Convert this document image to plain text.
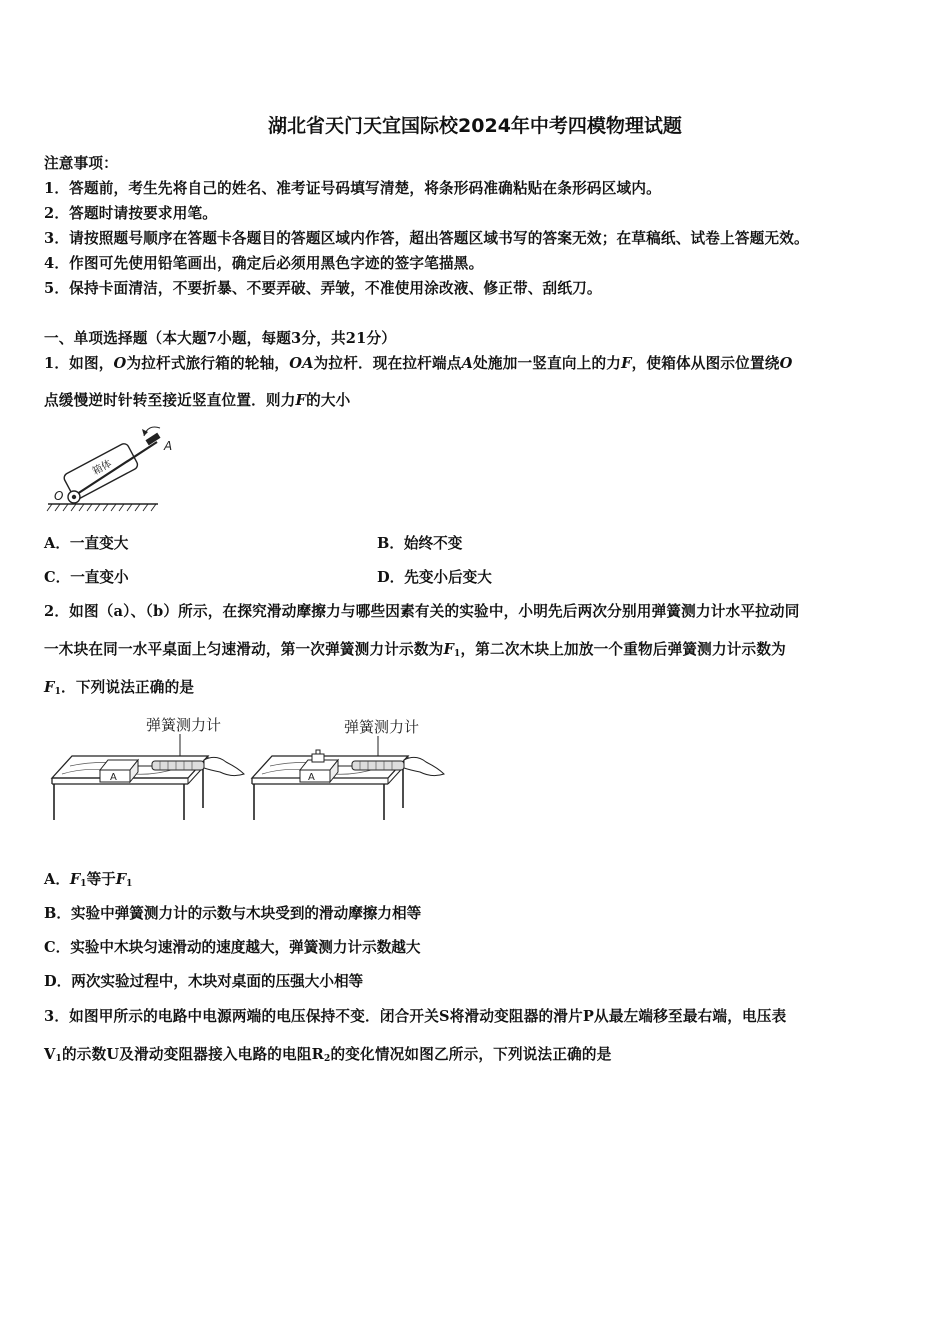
湖北省天门天宜国际校2024年中考四模物理试题
注意事项：
1．答题前，考生先将自己的姓名、准考证号码填写清楚，将条形码准确粘贴在条形码区域内。
2．答题时请按要求用笔。
3．请按照题号顺序在答题卡各题目的答题区域内作答，超出答题区域书写的答案无效；在草稿纸、试卷上答题无效。
4．作图可先使用铅笔画出，确定后必须用黑色字迹的签字笔描黑。
5．保持卡面清洁，不要折暴、不要弄破、弄皱，不准使用涂改液、修正带、刮纸刀。
一、单项选择题（本大题7小题，每题3分，共21分）
1．如图，O为拉杆式旅行箱的轮轴，OA为拉杆．现在拉杆端点A处施加一竖直向上的力F，使箱体从图示位置绕O
点缓慢逆时针转至接近竖直位置．则力F的大小
箱体
O
A
A．一直变大	B．始终不变
C．一直变小	D．先变小后变大
2．如图（a）、（b）所示，在探究滑动摩擦力与哪些因素有关的实验中，小明先后两次分别用弹簧测力计水平拉动同
一木块在同一水平桌面上匀速滑动，第一次弹簧测力计示数为$F_1$，第二次木块上加放一个重物后弹簧测力计示数为
$F_1$．下列说法正确的是
弹簧测力计
A
弹簧测力计
A
A．$F_1$等于$F_1$
B．实验中弹簧测力计的示数与木块受到的滑动摩擦力相等
C．实验中木块匀速滑动的速度越大，弹簧测力计示数越大
D．两次实验过程中，木块对桌面的压强大小相等
3．如图甲所示的电路中电源两端的电压保持不变．闭合开关S将滑动变阻器的滑片P从最左端移至最右端，电压表
$V_1$的示数U及滑动变阻器接入电路的电阻$R_2$的变化情况如图乙所示，下列说法正确的是
